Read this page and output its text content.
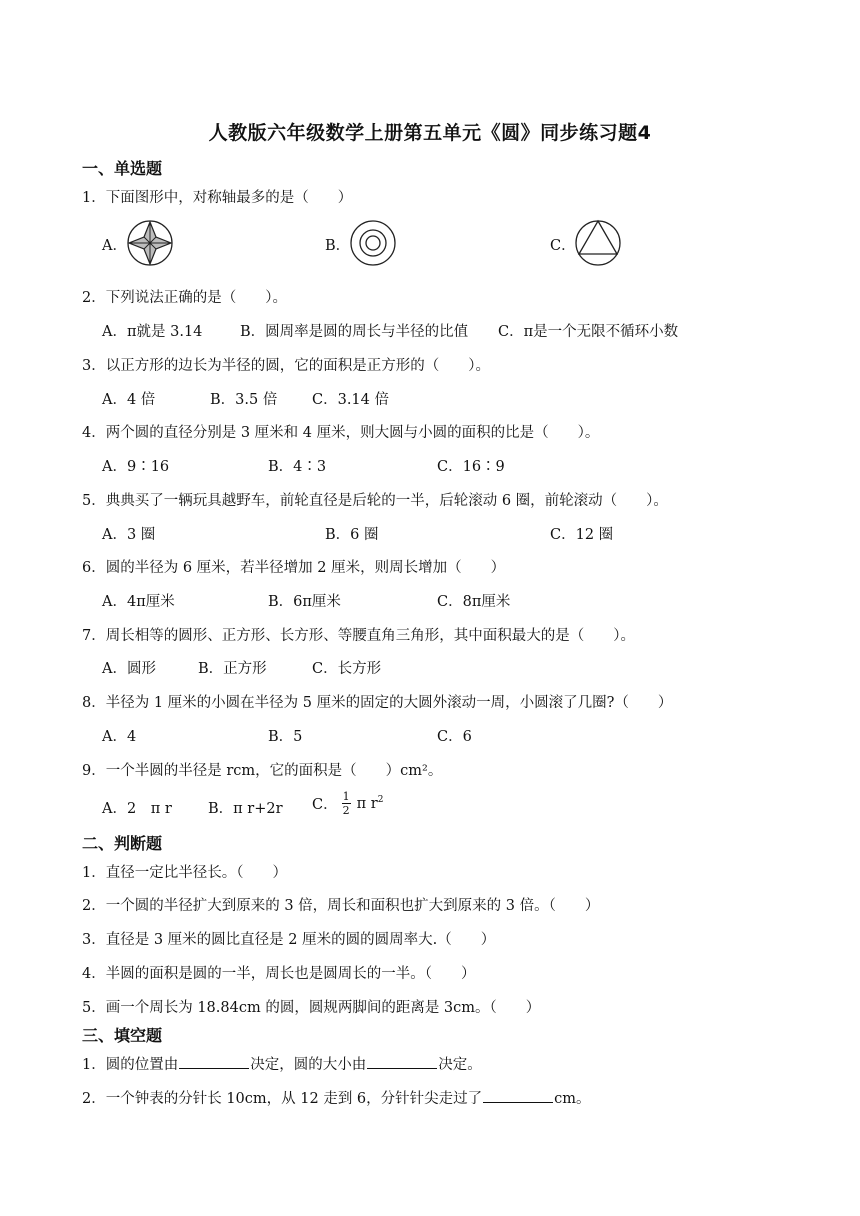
人教版六年级数学上册第五单元《圆》同步练习题4
一、单选题
1．下面图形中，对称轴最多的是（　　）
A．	B．	C．
2．下列说法正确的是（　　）。
A．π就是 3.14	B．圆周率是圆的周长与半径的比值 C．π是一个无限不循环小数
3．以正方形的边长为半径的圆，它的面积是正方形的（　　）。
A．4 倍	B．3.5 倍 C．3.14 倍
4．两个圆的直径分别是 3 厘米和 4 厘米，则大圆与小圆的面积的比是（　　）。
A．9∶16	B．4∶3	C．16∶9
5．典典买了一辆玩具越野车，前轮直径是后轮的一半，后轮滚动 6 圈，前轮滚动（　　）。
A．3 圈	B．6 圈	C．12 圈
6．圆的半径为 6 厘米，若半径增加 2 厘米，则周长增加（　　）
A．4π厘米	B．6π厘米	C．8π厘米
7．周长相等的圆形、正方形、长方形、等腰直角三角形，其中面积最大的是（　　）。
A．圆形	B．正方形	C．长方形
8．半径为 1 厘米的小圆在半径为 5 厘米的固定的大圆外滚动一周，小圆滚了几圈?（　　）
A．4	B．5	C．6
9．一个半圆的半径是 rcm，它的面积是（　　）cm²。
A．2　π r B．π r+2r C． $\frac{1}{2}$ π $r^2$
二、判断题
1．直径一定比半径长。（　　）
2．一个圆的半径扩大到原来的 3 倍，周长和面积也扩大到原来的 3 倍。（　　）
3．直径是 3 厘米的圆比直径是 2 厘米的圆的圆周率大.（　　）
4．半圆的面积是圆的一半，周长也是圆周长的一半。（　　）
5．画一个周长为 18.84cm 的圆，圆规两脚间的距离是 3cm。（　　）
三、填空题
1．圆的位置由	决定，圆的大小由	决定。
2．一个钟表的分针长 10cm，从 12 走到 6，分针针尖走过了	cm。
